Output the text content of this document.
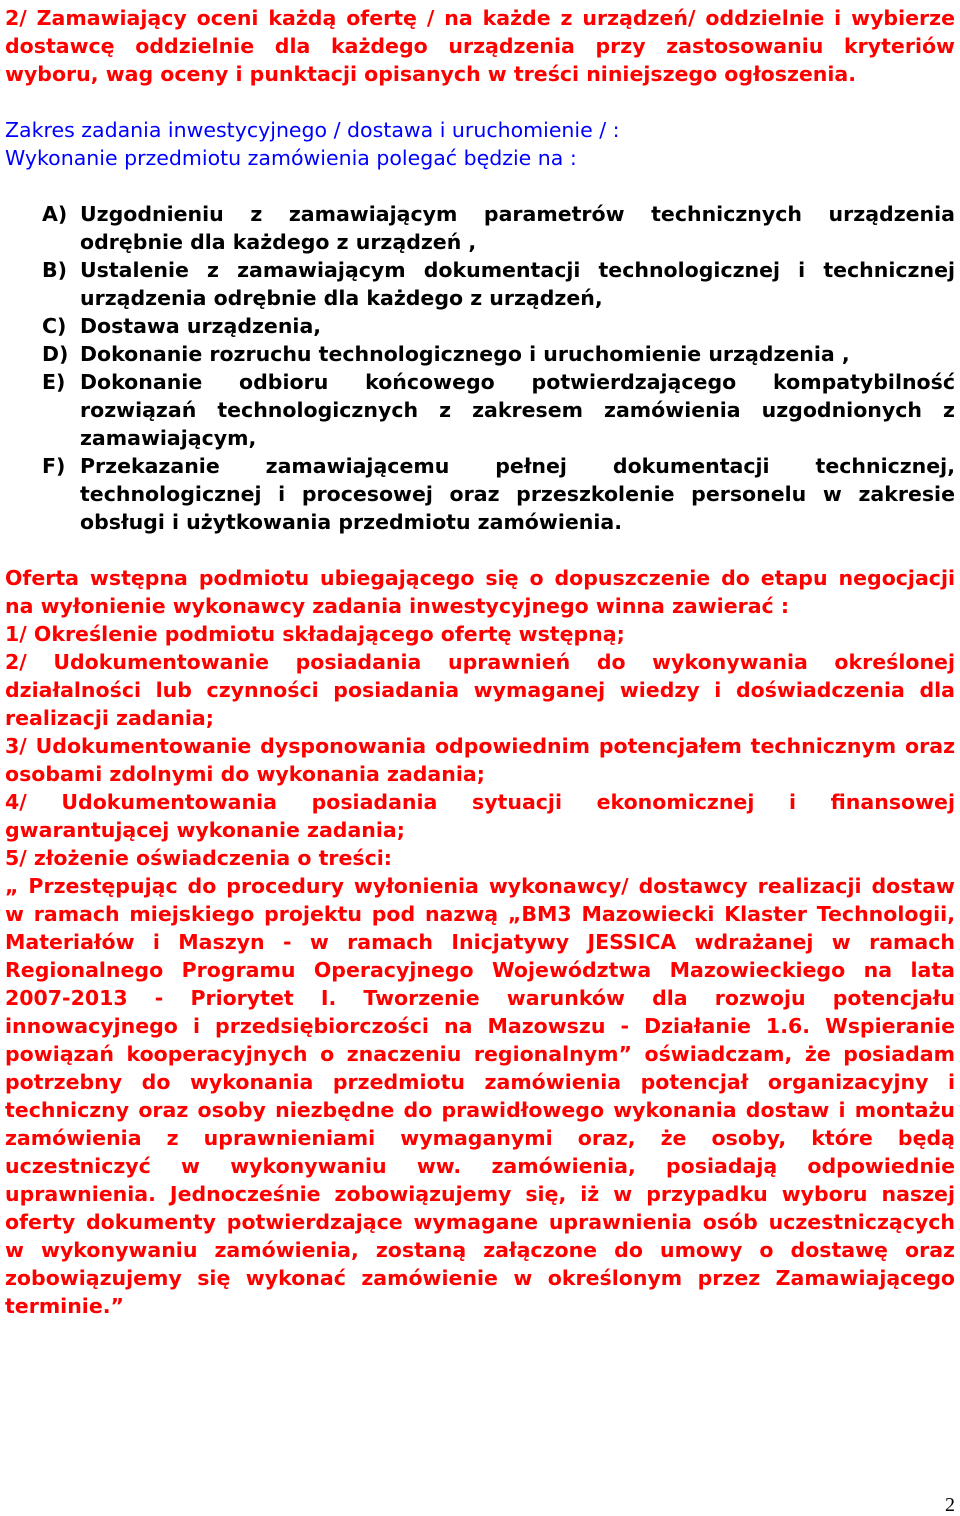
2/ Zamawiający oceni każdą ofertę / na każde z urządzeń/ oddzielnie i wybierze dostawcę oddzielnie dla każdego urządzenia przy zastosowaniu kryteriów wyboru, wag oceny i punktacji opisanych w treści niniejszego ogłoszenia.

Zakres zadania inwestycyjnego / dostawa i uruchomienie / :

Wykonanie przedmiotu zamówienia polegać będzie na :

A) Uzgodnieniu z zamawiającym parametrów technicznych urządzenia odrębnie dla każdego z urządzeń ,
B) Ustalenie z zamawiającym dokumentacji technologicznej i technicznej urządzenia odrębnie dla każdego z urządzeń,
C) Dostawa urządzenia,
D) Dokonanie rozruchu technologicznego i uruchomienie urządzenia ,
E) Dokonanie odbioru końcowego potwierdzającego kompatybilność rozwiązań technologicznych z zakresem zamówienia uzgodnionych z zamawiającym,
F) Przekazanie zamawiającemu pełnej dokumentacji technicznej, technologicznej i procesowej oraz przeszkolenie personelu w zakresie obsługi i użytkowania przedmiotu zamówienia.

Oferta wstępna podmiotu ubiegającego się o dopuszczenie do etapu negocjacji na wyłonienie wykonawcy zadania inwestycyjnego winna zawierać :

1/ Określenie podmiotu składającego ofertę wstępną;

2/ Udokumentowanie posiadania uprawnień do wykonywania określonej działalności lub czynności posiadania wymaganej wiedzy i doświadczenia dla realizacji zadania;

3/ Udokumentowanie dysponowania odpowiednim potencjałem technicznym oraz osobami zdolnymi do wykonania zadania;

4/ Udokumentowania posiadania sytuacji ekonomicznej i finansowej gwarantującej wykonanie zadania;

5/ złożenie oświadczenia o treści:

„ Przestępując do procedury wyłonienia wykonawcy/ dostawcy realizacji dostaw w ramach miejskiego projektu pod nazwą „BM3 Mazowiecki Klaster Technologii, Materiałów i Maszyn - w ramach Inicjatywy JESSICA wdrażanej w ramach Regionalnego Programu Operacyjnego Województwa Mazowieckiego na lata 2007-2013 - Priorytet I. Tworzenie warunków dla rozwoju potencjału innowacyjnego i przedsiębiorczości na Mazowszu - Działanie 1.6. Wspieranie powiązań kooperacyjnych o znaczeniu regionalnym” oświadczam, że posiadam potrzebny do wykonania przedmiotu zamówienia potencjał organizacyjny i techniczny oraz osoby niezbędne do prawidłowego wykonania dostaw i montażu zamówienia z uprawnieniami wymaganymi oraz, że osoby, które będą uczestniczyć w wykonywaniu ww. zamówienia, posiadają odpowiednie uprawnienia. Jednocześnie zobowiązujemy się, iż w przypadku wyboru naszej oferty dokumenty potwierdzające wymagane uprawnienia osób uczestniczących w wykonywaniu zamówienia, zostaną załączone do umowy o dostawę oraz zobowiązujemy się wykonać zamówienie w określonym przez Zamawiającego terminie.”

2
